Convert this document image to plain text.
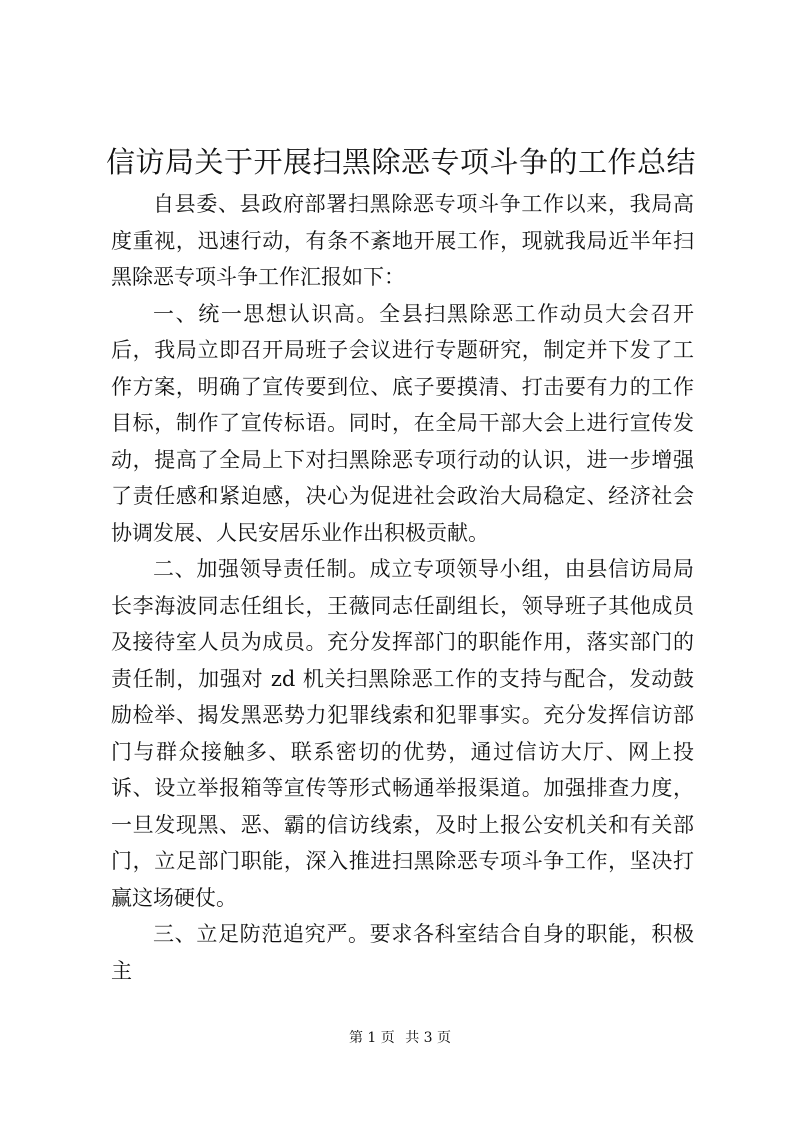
信访局关于开展扫黑除恶专项斗争的工作总结

自县委、县政府部署扫黑除恶专项斗争工作以来，我局高度重视，迅速行动，有条不紊地开展工作，现就我局近半年扫黑除恶专项斗争工作汇报如下：

一、统一思想认识高。全县扫黑除恶工作动员大会召开后，我局立即召开局班子会议进行专题研究，制定并下发了工作方案，明确了宣传要到位、底子要摸清、打击要有力的工作目标，制作了宣传标语。同时，在全局干部大会上进行宣传发动，提高了全局上下对扫黑除恶专项行动的认识，进一步增强了责任感和紧迫感，决心为促进社会政治大局稳定、经济社会协调发展、人民安居乐业作出积极贡献。

二、加强领导责任制。成立专项领导小组，由县信访局局长李海波同志任组长，王薇同志任副组长，领导班子其他成员及接待室人员为成员。充分发挥部门的职能作用，落实部门的责任制，加强对 zd 机关扫黑除恶工作的支持与配合，发动鼓励检举、揭发黑恶势力犯罪线索和犯罪事实。充分发挥信访部门与群众接触多、联系密切的优势，通过信访大厅、网上投诉、设立举报箱等宣传等形式畅通举报渠道。加强排查力度，一旦发现黑、恶、霸的信访线索，及时上报公安机关和有关部门，立足部门职能，深入推进扫黑除恶专项斗争工作，坚决打赢这场硬仗。

三、立足防范追究严。要求各科室结合自身的职能，积极主

第 1 页 共 3 页
